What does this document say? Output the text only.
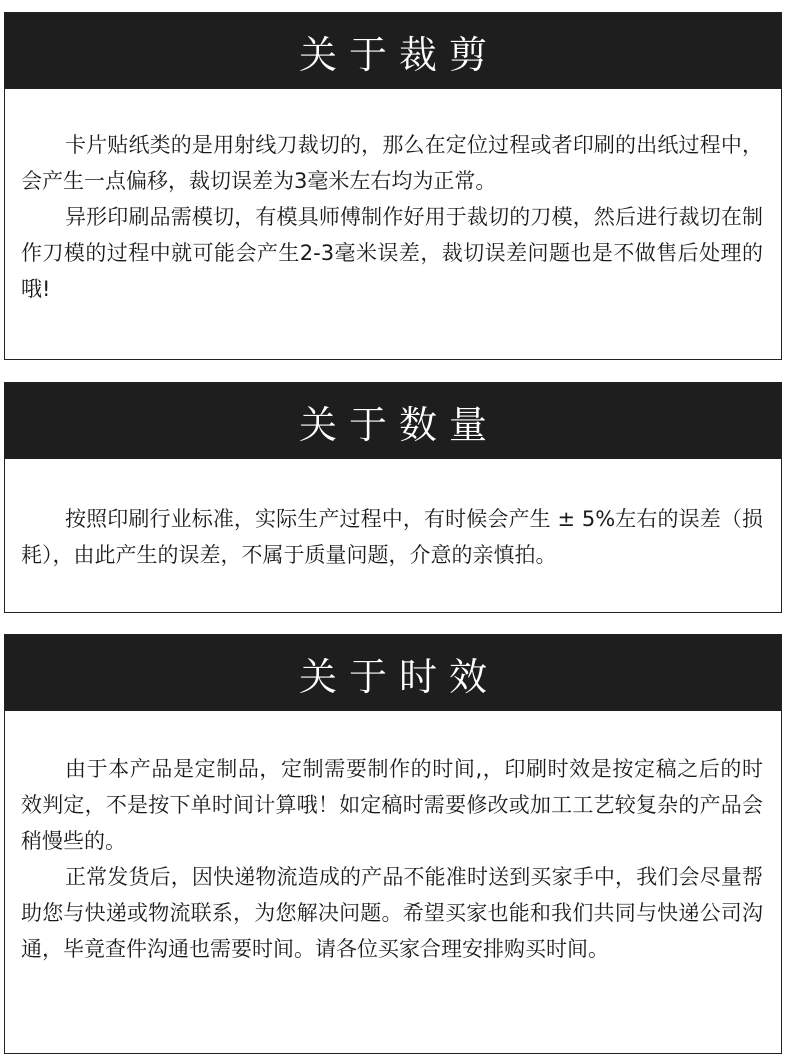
关于裁剪

卡片贴纸类的是用射线刀裁切的，那么在定位过程或者印刷的出纸过程中，会产生一点偏移，裁切误差为3毫米左右均为正常。

异形印刷品需模切，有模具师傅制作好用于裁切的刀模，然后进行裁切在制作刀模的过程中就可能会产生2-3毫米误差，裁切误差问题也是不做售后处理的哦!

关于数量

按照印刷行业标准，实际生产过程中，有时候会产生 ± 5%左右的误差（损耗），由此产生的误差，不属于质量问题，介意的亲慎拍。

关于时效

由于本产品是定制品，定制需要制作的时间,，印刷时效是按定稿之后的时效判定，不是按下单时间计算哦！如定稿时需要修改或加工工艺较复杂的产品会稍慢些的。

正常发货后，因快递物流造成的产品不能准时送到买家手中，我们会尽量帮助您与快递或物流联系，为您解决问题。希望买家也能和我们共同与快递公司沟通，毕竟查件沟通也需要时间。请各位买家合理安排购买时间。
